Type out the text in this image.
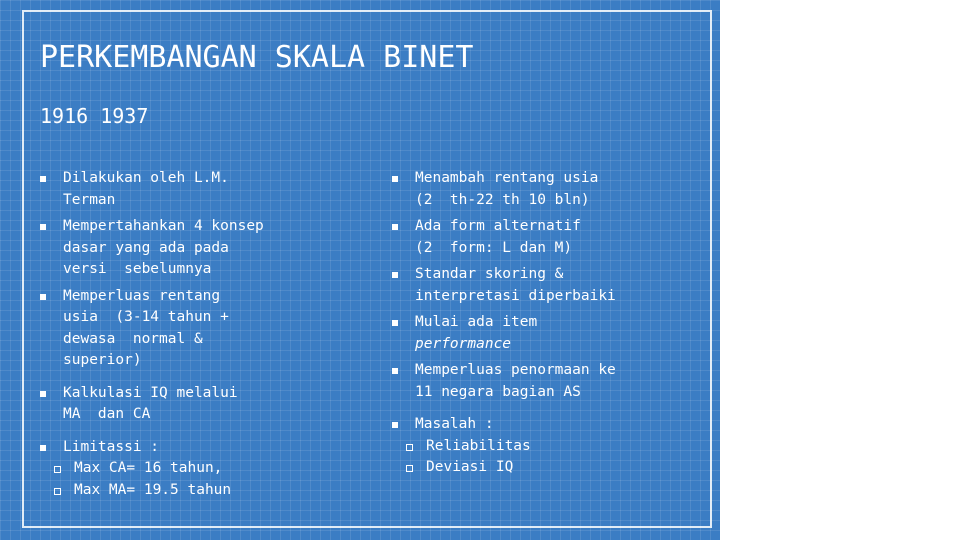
PERKEMBANGAN SKALA BINET
1916 1937
Dilakukan oleh L.M.
Terman
Mempertahankan 4 konsep
dasar yang ada pada
versi  sebelumnya
Memperluas rentang
usia  (3-14 tahun +
dewasa  normal &
superior)
Kalkulasi IQ melalui
MA  dan CA
Limitassi :
Max CA= 16 tahun,
Max MA= 19.5 tahun
Menambah rentang usia
(2  th-22 th 10 bln)
Ada form alternatif
(2  form: L dan M)
Standar skoring &
interpretasi diperbaiki
Mulai ada item
performance
Memperluas penormaan ke
11 negara bagian AS
Masalah :
Reliabilitas
Deviasi IQ
